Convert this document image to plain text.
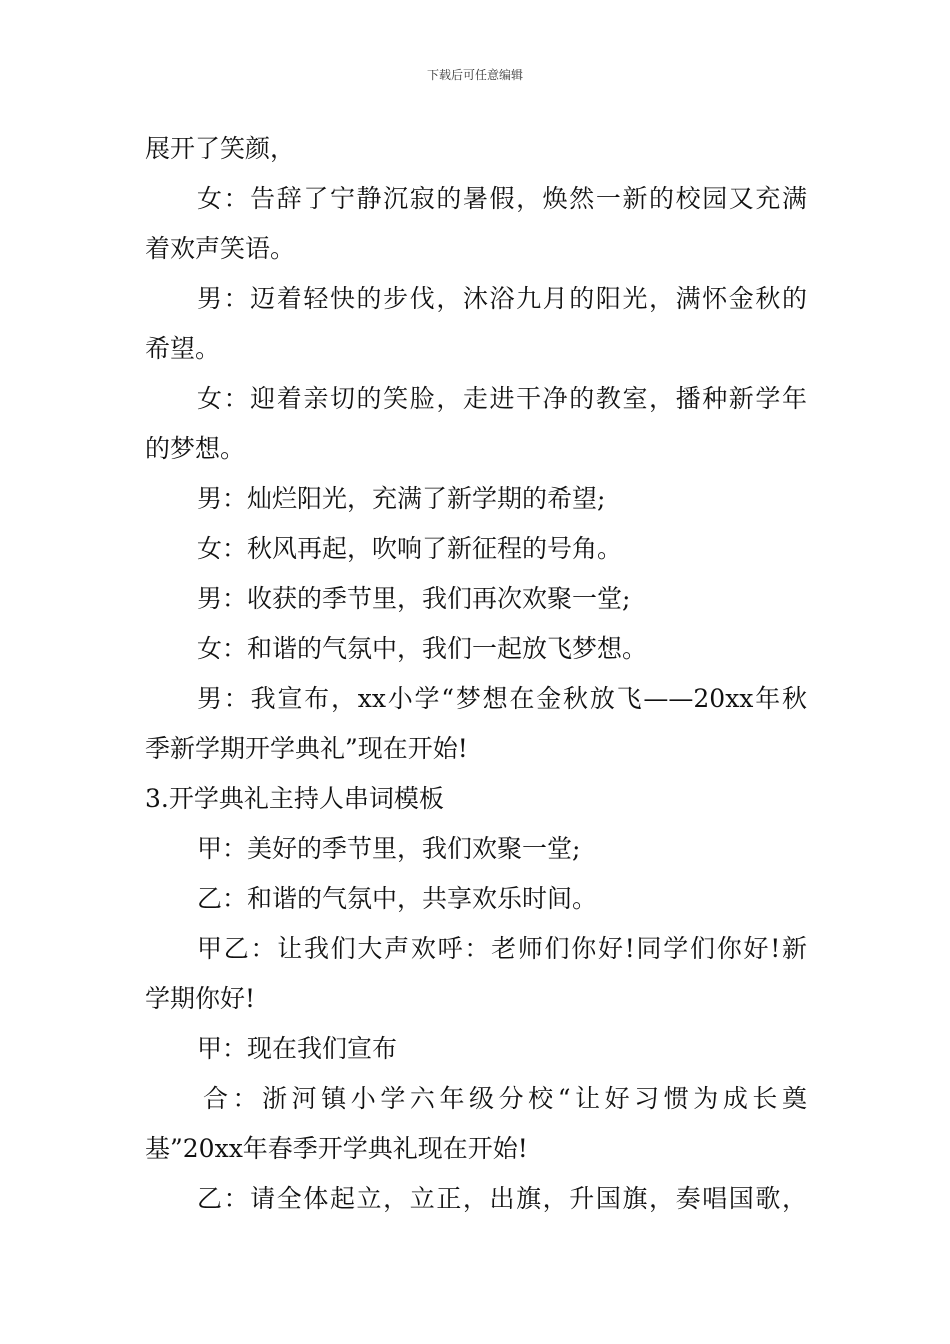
下载后可任意编辑
展开了笑颜，
女：告辞了宁静沉寂的暑假，焕然一新的校园又充满
着欢声笑语。
男：迈着轻快的步伐，沐浴九月的阳光，满怀金秋的
希望。
女：迎着亲切的笑脸，走进干净的教室，播种新学年
的梦想。
男：灿烂阳光，充满了新学期的希望;
女：秋风再起，吹响了新征程的号角。
男：收获的季节里，我们再次欢聚一堂;
女：和谐的气氛中，我们一起放飞梦想。
男：我宣布，xx小学“梦想在金秋放飞——20xx年秋
季新学期开学典礼”现在开始!
3.开学典礼主持人串词模板
甲：美好的季节里，我们欢聚一堂;
乙：和谐的气氛中，共享欢乐时间。
甲乙：让我们大声欢呼：老师们你好!同学们你好!新
学期你好!
甲：现在我们宣布
合：浙河镇小学六年级分校“让好习惯为成长奠
基”20xx年春季开学典礼现在开始!
乙：请全体起立，立正，出旗，升国旗，奏唱国歌，
